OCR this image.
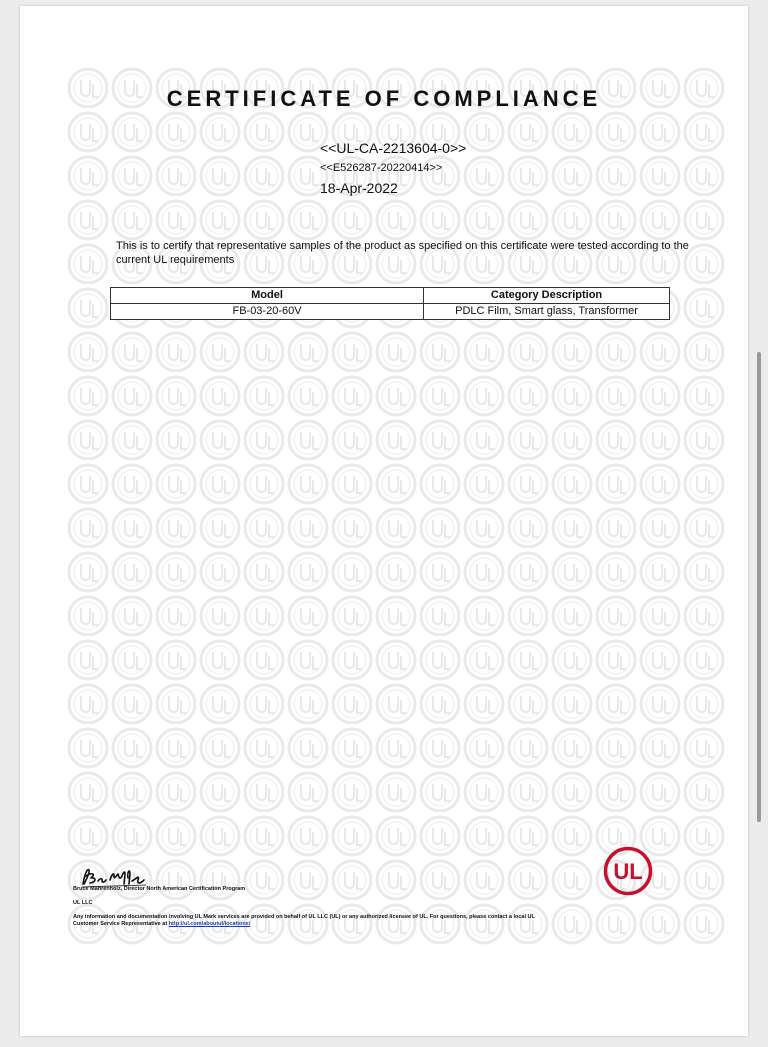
CERTIFICATE OF COMPLIANCE
<<UL-CA-2213604-0>>
<<E526287-20220414>>
18-Apr-2022
This is to certify that representative samples of the product as specified on this certificate were tested according to the current UL requirements
Model	Category Description
FB-03-20-60V	PDLC Film, Smart glass, Transformer
Bruce Mahrenholz, Director North American Certification Program
UL LLC
Any information and documentation involving UL Mark services are provided on behalf of UL LLC (UL) or any authorized licensee of UL. For questions, please contact a local UL Customer Service Representative at http://ul.com/aboutul/locations/
UL
